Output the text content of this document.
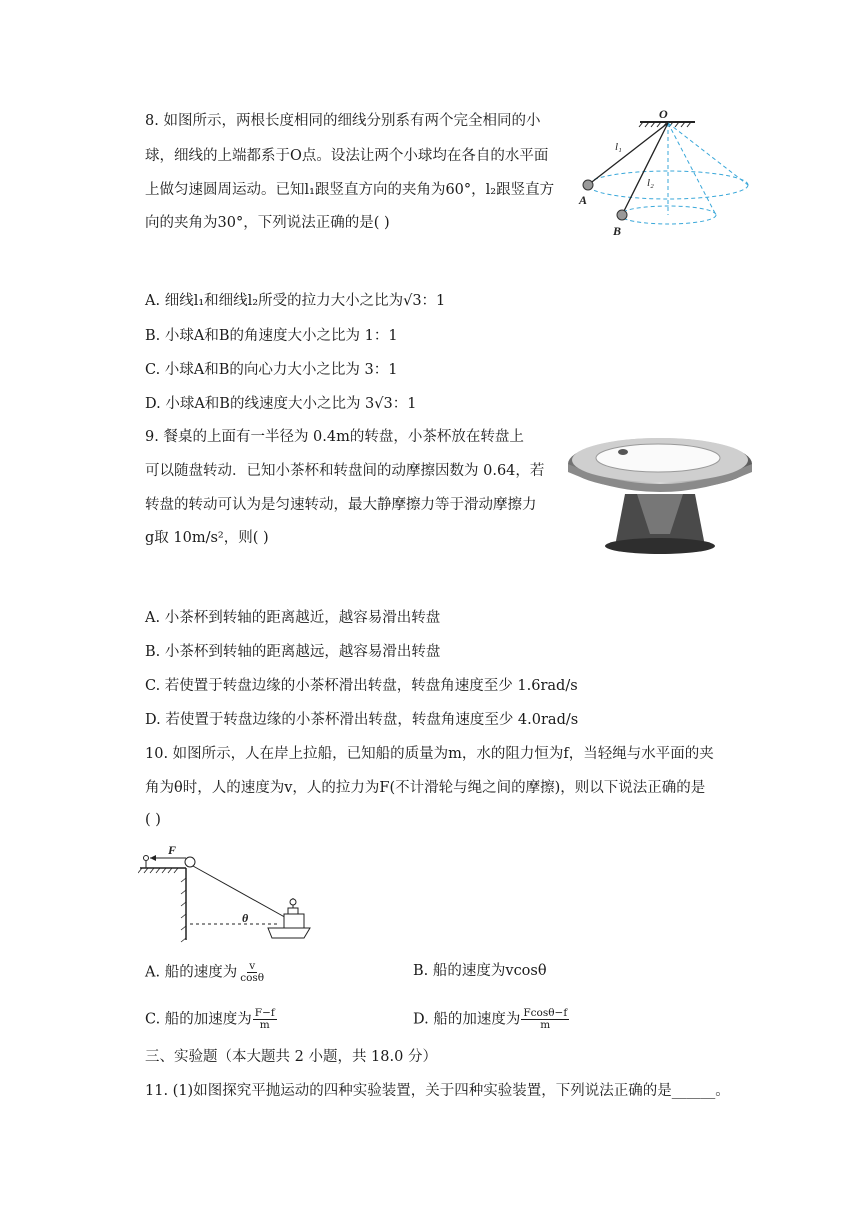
8. 如图所示，两根长度相同的细线分别系有两个完全相同的小
球，细线的上端都系于O点。设法让两个小球均在各自的水平面
上做匀速圆周运动。已知l₁跟竖直方向的夹角为60°，l₂跟竖直方
向的夹角为30°，下列说法正确的是( )
O
l₁
l₂
A
B
A. 细线l₁和细线l₂所受的拉力大小之比为√3：1
B. 小球A和B的角速度大小之比为 1：1
C. 小球A和B的向心力大小之比为 3：1
D. 小球A和B的线速度大小之比为 3√3：1
9. 餐桌的上面有一半径为 0.4m的转盘，小茶杯放在转盘上
可以随盘转动．已知小茶杯和转盘间的动摩擦因数为 0.64，若
转盘的转动可认为是匀速转动，最大静摩擦力等于滑动摩擦力
g取 10m/s²，则( )
A. 小茶杯到转轴的距离越近，越容易滑出转盘
B. 小茶杯到转轴的距离越远，越容易滑出转盘
C. 若使置于转盘边缘的小茶杯滑出转盘，转盘角速度至少 1.6rad/s
D. 若使置于转盘边缘的小茶杯滑出转盘，转盘角速度至少 4.0rad/s
10. 如图所示，人在岸上拉船，已知船的质量为m，水的阻力恒为f，当轻绳与水平面的夹
角为θ时，人的速度为v，人的拉力为F(不计滑轮与绳之间的摩擦)，则以下说法正确的是
( )
F
θ
A. 船的速度为 $\frac{v}{\cos\theta}$	B. 船的速度为vcosθ
C. 船的加速度为 $\frac{F-f}{m}$	D. 船的加速度为 $\frac{Fcos\theta-f}{m}$
三、实验题（本大题共 2 小题，共 18.0 分）
11. (1)如图探究平抛运动的四种实验装置，关于四种实验装置，下列说法正确的是______。
